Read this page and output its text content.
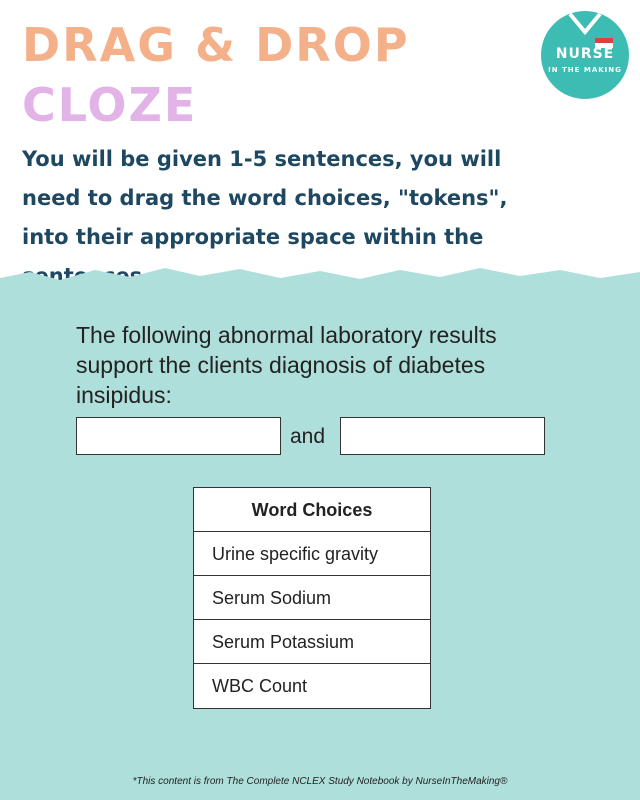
DRAG & DROP
CLOZE

You will be given 1-5 sentences, you will need to drag the word choices, "tokens", into their appropriate space within the

NURSE
IN THE MAKING

The following abnormal laboratory results support the clients diagnosis of diabetes insipidus:

and
Word Choices
Urine specific gravity
Serum Sodium
Serum Potassium
WBC Count
*This content is from The Complete NCLEX Study Notebook by NurseInTheMaking®
